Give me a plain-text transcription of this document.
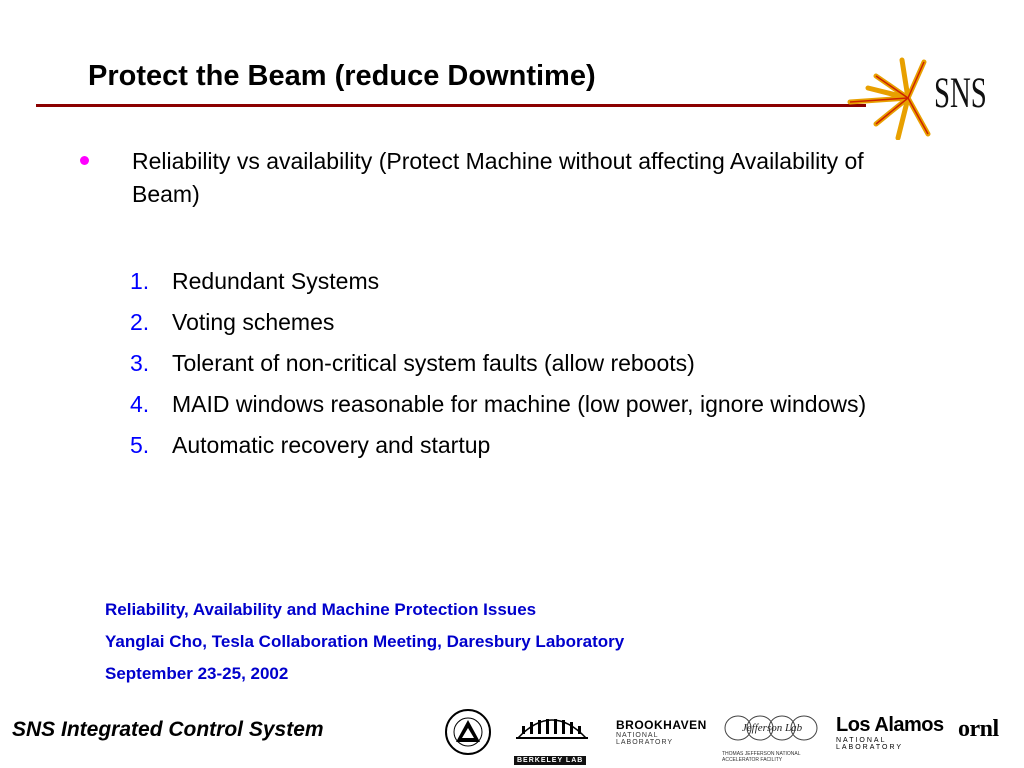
Protect the Beam (reduce Downtime)	SNS
Reliability vs availability (Protect Machine without affecting Availability of Beam)
1. Redundant Systems
2. Voting schemes
3. Tolerant of non-critical system faults (allow reboots)
4. MAID windows reasonable for machine (low power, ignore windows)
5. Automatic recovery and startup
Reliability, Availability and Machine Protection Issues
Yanglai Cho, Tesla Collaboration Meeting, Daresbury Laboratory
September 23-25, 2002
SNS Integrated Control System
BERKELEY LAB
BROOKHAVEN
NATIONAL LABORATORY
Jefferson Lab
THOMAS JEFFERSON NATIONAL ACCELERATOR FACILITY
Los Alamos
NATIONAL LABORATORY
ornl
